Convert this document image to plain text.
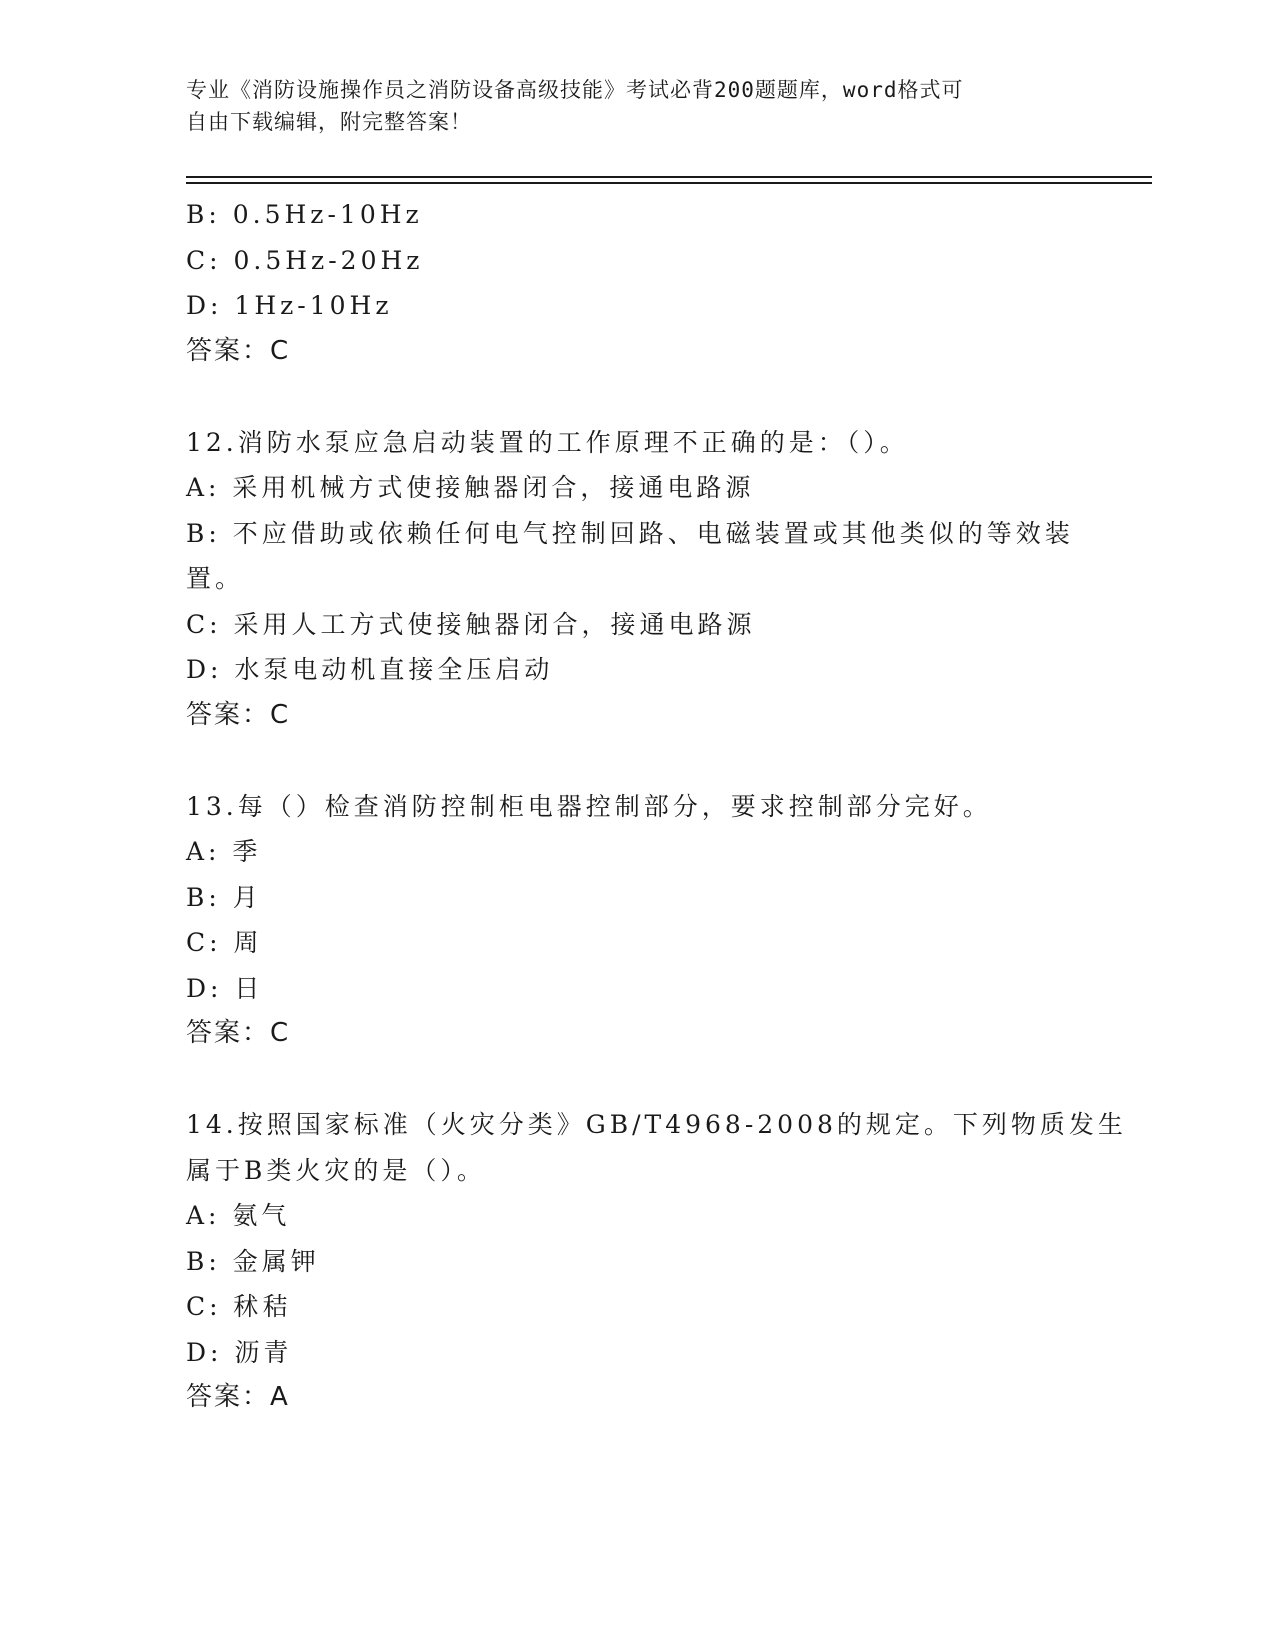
专业《消防设施操作员之消防设备高级技能》考试必背200题题库，word格式可
自由下载编辑，附完整答案！
B: 0.5Hz-10Hz
C: 0.5Hz-20Hz
D: 1Hz-10Hz
答案：C
12.消防水泵应急启动装置的工作原理不正确的是：（）。
A: 采用机械方式使接触器闭合，接通电路源
B: 不应借助或依赖任何电气控制回路、电磁装置或其他类似的等效装
置。
C: 采用人工方式使接触器闭合，接通电路源
D: 水泵电动机直接全压启动
答案：C
13.每（）检查消防控制柜电器控制部分，要求控制部分完好。
A: 季
B: 月
C: 周
D: 日
答案：C
14.按照国家标准（火灾分类》GB/T4968-2008的规定。下列物质发生
属于B类火灾的是（）。
A: 氨气
B: 金属钾
C: 秫秸
D: 沥青
答案：A
